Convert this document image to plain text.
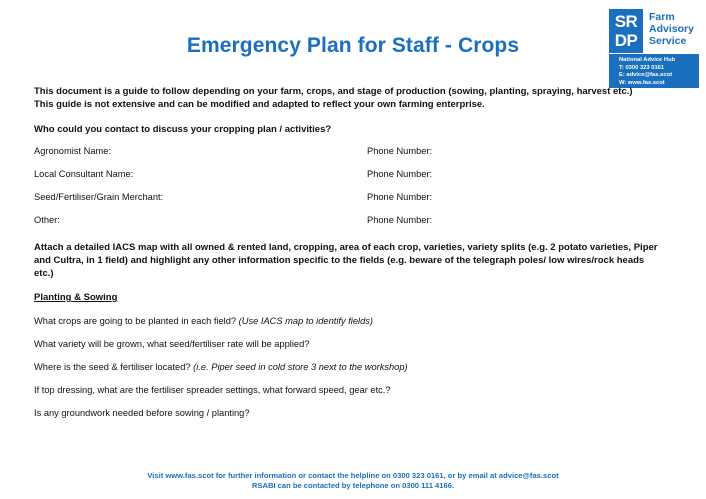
Emergency Plan for Staff - Crops
SR
DP
Farm
Advisory
Service
National Advice Hub
T: 0300 323 0161
E: advice@fas.scot
W: www.fas.scot
This document is a guide to follow depending on your farm, crops, and stage of production (sowing, planting, spraying, harvest etc.) This guide is not extensive and can be modified and adapted to reflect your own farming enterprise.
Who could you contact to discuss your cropping plan / activities?
Agronomist Name:	Phone Number:
Local Consultant Name:	Phone Number:
Seed/Fertiliser/Grain Merchant:	Phone Number:
Other:	Phone Number:
Attach a detailed IACS map with all owned & rented land, cropping, area of each crop, varieties, variety splits (e.g. 2 potato varieties, Piper and Cultra, in 1 field) and highlight any other information specific to the fields (e.g. beware of the telegraph poles/ low wires/rock heads etc.)
Planting & Sowing
What crops are going to be planted in each field? (Use IACS map to identify fields)
What variety will be grown, what seed/fertiliser rate will be applied?
Where is the seed & fertiliser located? (i.e. Piper seed in cold store 3 next to the workshop)
If top dressing, what are the fertiliser spreader settings, what forward speed, gear etc.?
Is any groundwork needed before sowing / planting?
Visit www.fas.scot for further information or contact the helpline on 0300 323 0161, or by email at advice@fas.scot
RSABI can be contacted by telephone on 0300 111 4166.
